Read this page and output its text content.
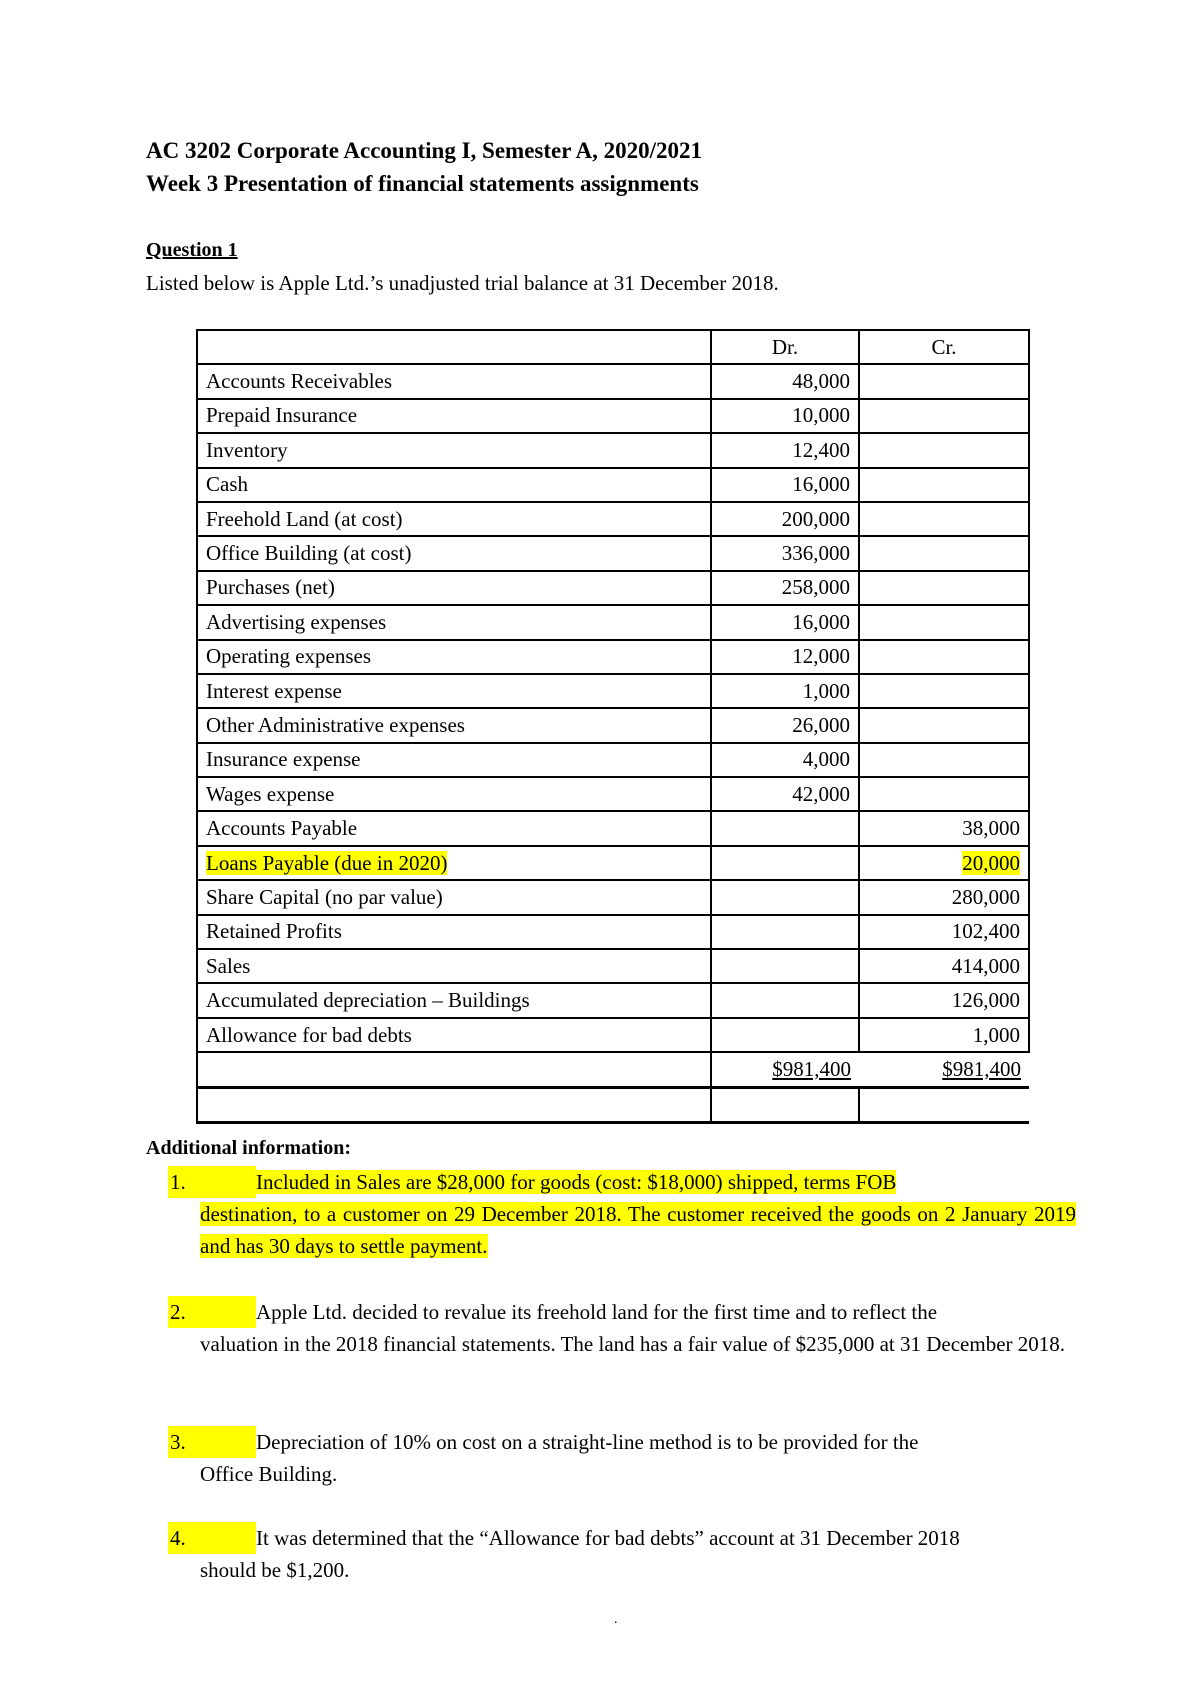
AC 3202 Corporate Accounting I, Semester A, 2020/2021
Week 3 Presentation of financial statements assignments
Question 1
Listed below is Apple Ltd.’s unadjusted trial balance at 31 December 2018.
	Dr.	Cr.
Accounts Receivables	48,000	
Prepaid Insurance	10,000	
Inventory	12,400	
Cash	16,000	
Freehold Land (at cost)	200,000	
Office Building (at cost)	336,000	
Purchases (net)	258,000	
Advertising expenses	16,000	
Operating expenses	12,000	
Interest expense	1,000	
Other Administrative expenses	26,000	
Insurance expense	4,000	
Wages expense	42,000	
Accounts Payable		38,000
Loans Payable (due in 2020)		20,000
Share Capital (no par value)		280,000
Retained Profits		102,400
Sales		414,000
Accumulated depreciation – Buildings		126,000
Allowance for bad debts		1,000
	$981,400	$981,400

Additional information:
1.	Included in Sales are $28,000 for goods (cost: $18,000) shipped, terms FOB
destination, to a customer on 29 December 2018. The customer received the goods on 2 January 2019 and has 30 days to settle payment.
2.	Apple Ltd. decided to revalue its freehold land for the first time and to reflect the
valuation in the 2018 financial statements. The land has a fair value of $235,000 at 31 December 2018.
3.	Depreciation of 10% on cost on a straight-line method is to be provided for the
Office Building.
4.	It was determined that the “Allowance for bad debts” account at 31 December 2018
should be $1,200.
.
